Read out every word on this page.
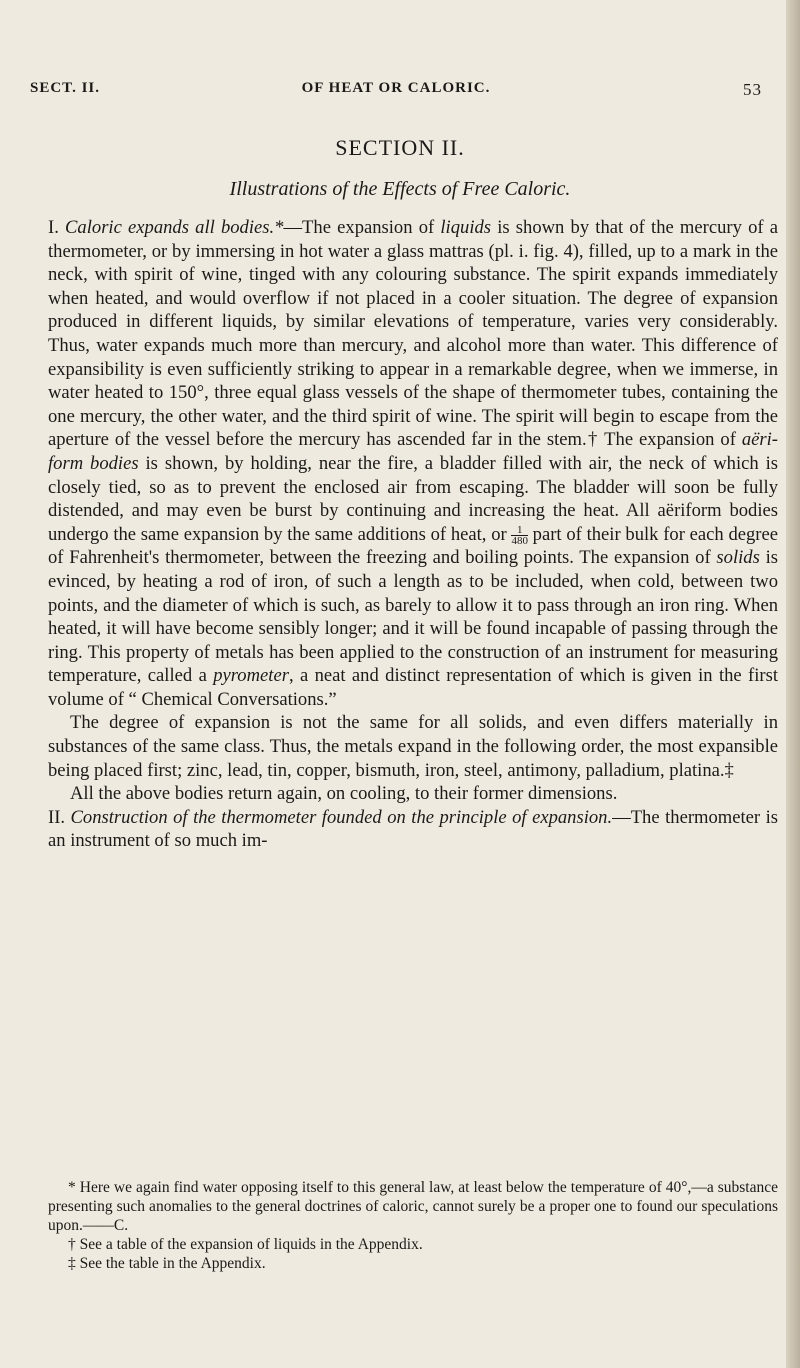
SECT. II.	OF HEAT OR CALORIC.	53
SECTION II.
Illustrations of the Effects of Free Caloric.

I. Caloric expands all bodies.*—The expansion of liquids is shown by that of the mercury of a thermometer, or by immersing in hot water a glass mattras (pl. i. fig. 4), filled, up to a mark in the neck, with spirit of wine, tinged with any colouring substance. The spirit expands immediately when heated, and would overflow if not placed in a cooler situation. The degree of expansion produced in different liquids, by similar elevations of temperature, varies very considerably. Thus, water expands much more than mercury, and alcohol more than water. This difference of expansibility is even sufficiently striking to appear in a remarkable degree, when we immerse, in water heated to 150°, three equal glass vessels of the shape of thermometer tubes, containing the one mercury, the other water, and the third spirit of wine. The spirit will begin to escape from the aperture of the vessel before the mercury has ascended far in the stem.† The expansion of aëri- form bodies is shown, by holding, near the fire, a bladder filled with air, the neck of which is closely tied, so as to prevent the enclosed air from escaping. The bladder will soon be fully distended, and may even be burst by continuing and increasing the heat. All aëriform bodies undergo the same expansion by the same additions of heat, or $\frac{1}{480}$ part of their bulk for each degree of Fahrenheit's thermometer, between the freezing and boiling points. The expansion of solids is evinced, by heating a rod of iron, of such a length as to be included, when cold, between two points, and the diameter of which is such, as barely to allow it to pass through an iron ring. When heated, it will have become sensibly longer; and it will be found incapable of passing through the ring. This property of metals has been applied to the construction of an instrument for measuring temperature, called a pyrometer, a neat and distinct representation of which is given in the first volume of “ Chemical Conversations.”

The degree of expansion is not the same for all solids, and even differs materially in substances of the same class. Thus, the metals expand in the following order, the most expansible being placed first; zinc, lead, tin, copper, bismuth, iron, steel, antimony, palladium, platina.‡

All the above bodies return again, on cooling, to their former dimensions.

II. Construction of the thermometer founded on the principle of expansion.—The thermometer is an instrument of so much im-

* Here we again find water opposing itself to this general law, at least below the temperature of 40°,—a substance presenting such anomalies to the general doctrines of caloric, cannot surely be a proper one to found our speculations upon.——C.

† See a table of the expansion of liquids in the Appendix.

‡ See the table in the Appendix.
